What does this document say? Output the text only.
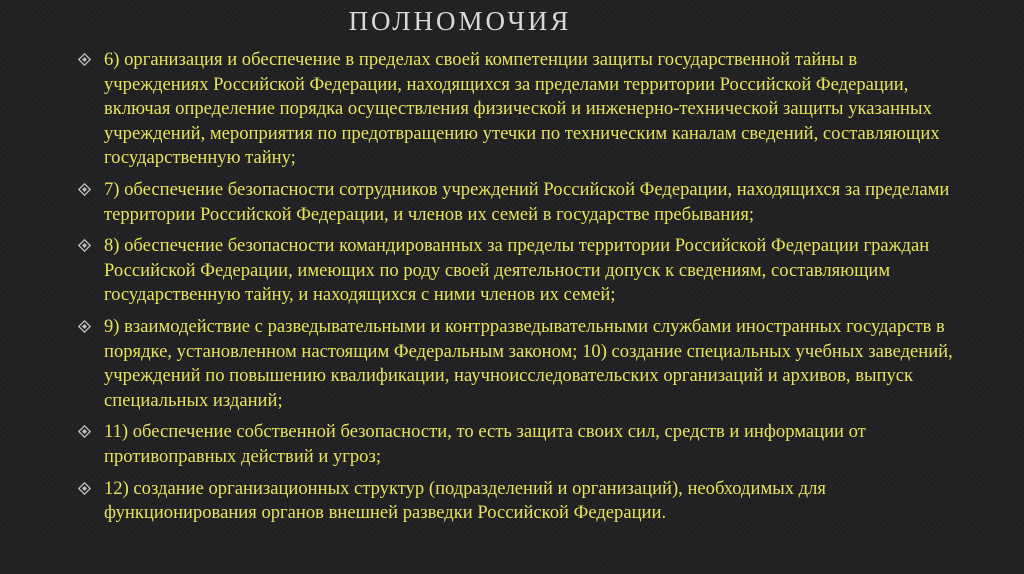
ПОЛНОМОЧИЯ
6) организация и обеспечение в пределах своей компетенции защиты государственной тайны в учреждениях Российской Федерации, находящихся за пределами территории Российской Федерации, включая определение порядка осуществления физической и инженерно-технической защиты указанных учреждений, мероприятия по предотвращению утечки по техническим каналам сведений, составляющих государственную тайну;
7) обеспечение безопасности сотрудников учреждений Российской Федерации, находящихся за пределами территории Российской Федерации, и членов их семей в государстве пребывания;
8) обеспечение безопасности командированных за пределы территории Российской Федерации граждан Российской Федерации, имеющих по роду своей деятельности допуск к сведениям, составляющим государственную тайну, и находящихся с ними членов их семей;
9) взаимодействие с разведывательными и контрразведывательными службами иностранных государств в порядке, установленном настоящим Федеральным законом; 10) создание специальных учебных заведений, учреждений по повышению квалификации, научноисследовательских организаций и архивов, выпуск специальных изданий;
11) обеспечение собственной безопасности, то есть защита своих сил, средств и информации от противоправных действий и угроз;
12) создание организационных структур (подразделений и организаций), необходимых для функционирования органов внешней разведки Российской Федерации.
